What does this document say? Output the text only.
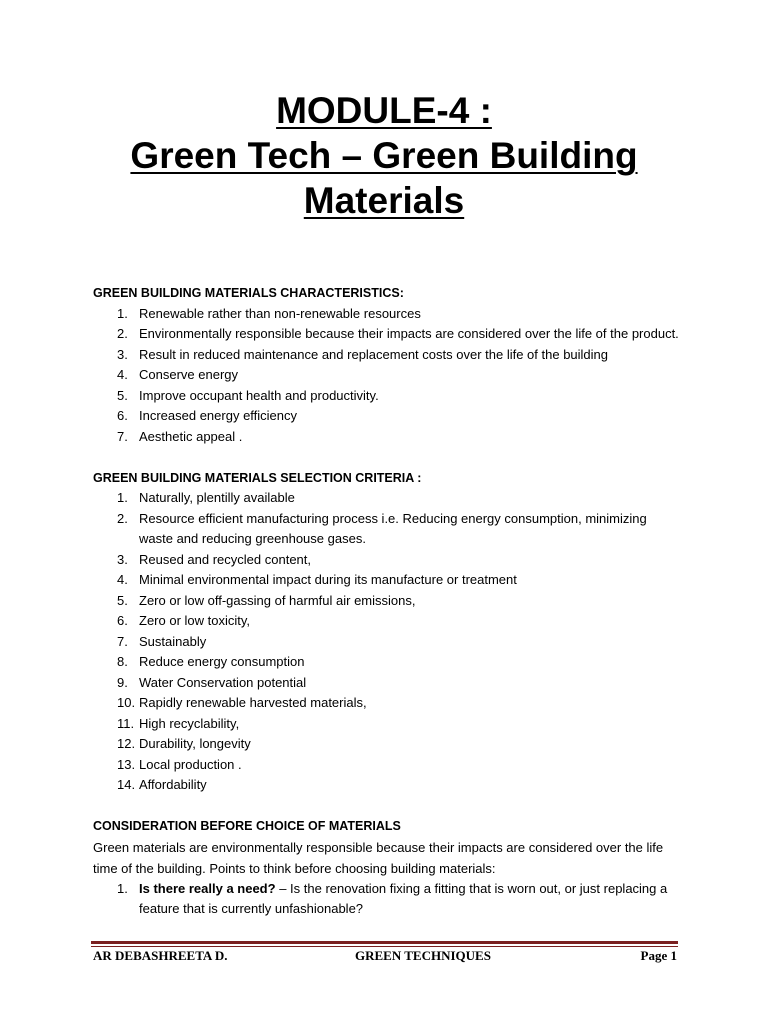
MODULE-4 :
Green Tech – Green Building
Materials
GREEN BUILDING MATERIALS CHARACTERISTICS:
1. Renewable rather than non-renewable resources
2. Environmentally responsible because their impacts are considered over the life of the product.
3. Result in reduced maintenance and replacement costs over the life of the building
4. Conserve energy
5. Improve occupant health and productivity.
6. Increased energy efficiency
7. Aesthetic appeal .
GREEN BUILDING MATERIALS SELECTION CRITERIA :
1. Naturally, plentilly available
2. Resource efficient manufacturing process i.e. Reducing energy consumption, minimizing waste and reducing greenhouse gases.
3. Reused and recycled content,
4. Minimal environmental impact during its manufacture or treatment
5. Zero or low off-gassing of harmful air emissions,
6. Zero or low toxicity,
7. Sustainably
8. Reduce energy consumption
9. Water Conservation potential
10. Rapidly renewable harvested materials,
11. High recyclability,
12. Durability, longevity
13. Local production .
14. Affordability
CONSIDERATION BEFORE CHOICE OF MATERIALS

Green materials are environmentally responsible because their impacts are considered over the life time of the building. Points to think before choosing building materials:

1. Is there really a need? – Is the renovation fixing a fitting that is worn out, or just replacing a feature that is currently unfashionable?
AR DEBASHREETA D.	GREEN TECHNIQUES	Page 1
